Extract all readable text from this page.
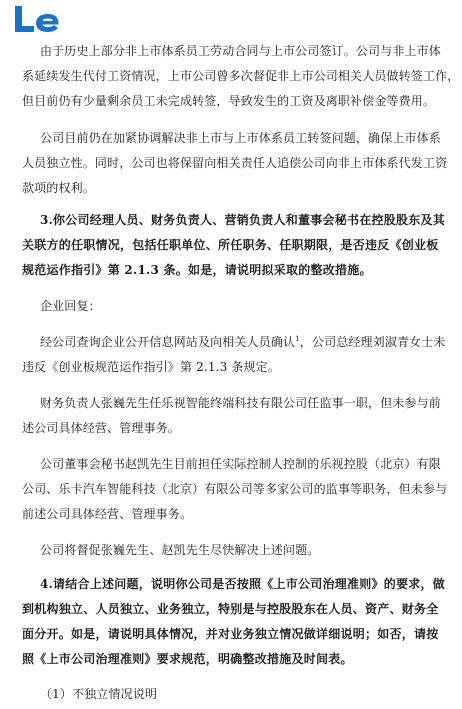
由于历史上部分非上市体系员工劳动合同与上市公司签订。公司与非上市体
系延续发生代付工资情况，上市公司曾多次督促非上市公司相关人员做转签工作，
但目前仍有少量剩余员工未完成转签，导致发生的工资及离职补偿金等费用。
公司目前仍在加紧协调解决非上市与上市体系员工转签问题，确保上市体系
人员独立性。同时，公司也将保留向相关责任人追偿公司向非上市体系代发工资
款项的权利。
3.你公司经理人员、财务负责人、营销负责人和董事会秘书在控股股东及其
关联方的任职情况，包括任职单位、所任职务、任职期限，是否违反《创业板
规范运作指引》第 2.1.3 条。如是，请说明拟采取的整改措施。
企业回复：
经公司查询企业公开信息网站及向相关人员确认$^1$，公司总经理刘淑青女士未
违反《创业板规范运作指引》第 2.1.3 条规定。
财务负责人张巍先生任乐视智能终端科技有限公司任监事一职，但未参与前
述公司具体经营、管理事务。
公司董事会秘书赵凯先生目前担任实际控制人控制的乐视控股（北京）有限
公司、乐卡汽车智能科技（北京）有限公司等多家公司的监事等职务，但未参与
前述公司具体经营、管理事务。
公司将督促张巍先生、赵凯先生尽快解决上述问题。
4.请结合上述问题，说明你公司是否按照《上市公司治理准则》的要求，做
到机构独立、人员独立、业务独立，特别是与控股股东在人员、资产、财务全
面分开。如是，请说明具体情况，并对业务独立情况做详细说明；如否，请按
照《上市公司治理准则》要求规范，明确整改措施及时间表。
（1）不独立情况说明
